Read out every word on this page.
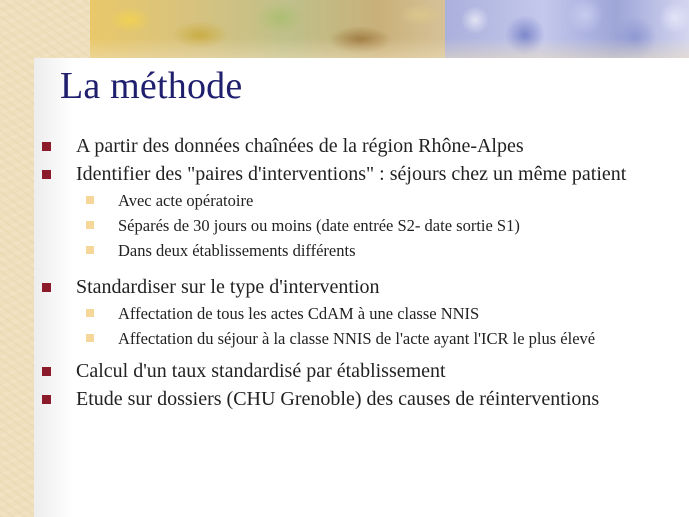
La méthode
A partir des données chaînées de la région Rhône-Alpes
Identifier des "paires d'interventions" : séjours chez un même patient
Avec acte opératoire
Séparés de 30 jours ou moins (date entrée S2- date sortie S1)
Dans deux établissements différents
Standardiser sur le type d'intervention
Affectation de tous les actes CdAM à une classe NNIS
Affectation du séjour à la classe NNIS de l'acte ayant l'ICR le plus élevé
Calcul d'un taux standardisé par établissement
Etude sur dossiers (CHU Grenoble) des causes de réinterventions
